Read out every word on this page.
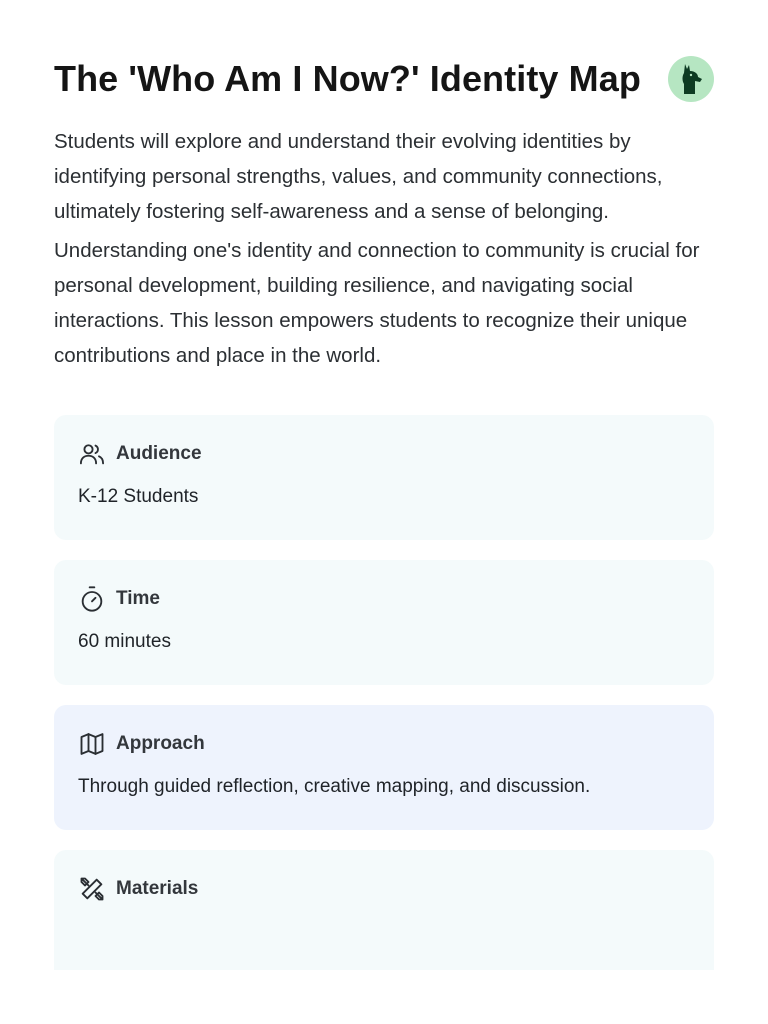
The 'Who Am I Now?' Identity Map

Students will explore and understand their evolving identities by identifying personal strengths, values, and community connections, ultimately fostering self-awareness and a sense of belonging.

Understanding one's identity and connection to community is crucial for personal development, building resilience, and navigating social interactions. This lesson empowers students to recognize their unique contributions and place in the world.

Audience
K-12 Students
Time
60 minutes
Approach
Through guided reflection, creative mapping, and discussion.
Materials
